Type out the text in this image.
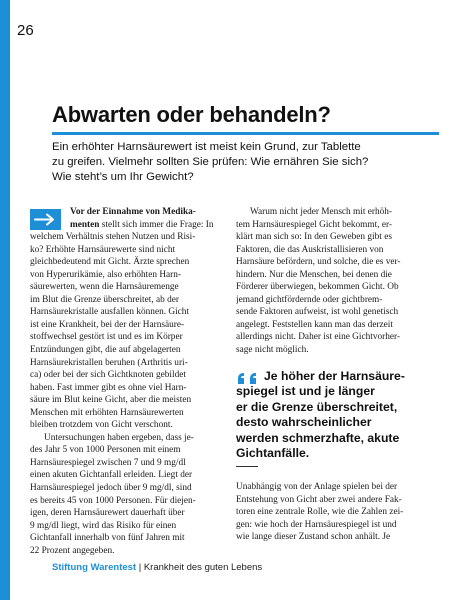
26
Abwarten oder behandeln?

Ein erhöhter Harnsäurewert ist meist kein Grund, zur Tablette
zu greifen. Vielmehr sollten Sie prüfen: Wie ernähren Sie sich?
Wie steht’s um Ihr Gewicht?

Vor der Einnahme von Medika-
menten stellt sich immer die Frage: In
welchem Verhältnis stehen Nutzen und Risi-
ko? Erhöhte Harnsäurewerte sind nicht
gleichbedeutend mit Gicht. Ärzte sprechen
von Hyperurikämie, also erhöhten Harn-
säurewerten, wenn die Harnsäuremenge
im Blut die Grenze überschreitet, ab der
Harnsäurekristalle ausfallen können. Gicht
ist eine Krankheit, bei der der Harnsäure-
stoffwechsel gestört ist und es im Körper
Entzündungen gibt, die auf abgelagerten
Harnsäurekristallen beruhen (Arthritis uri-
ca) oder bei der sich Gichtknoten gebildet
haben. Fast immer gibt es ohne viel Harn-
säure im Blut keine Gicht, aber die meisten
Menschen mit erhöhten Harnsäurewerten
bleiben trotzdem von Gicht verschont.
Untersuchungen haben ergeben, dass je-
des Jahr 5 von 1000 Personen mit einem
Harnsäurespiegel zwischen 7 und 9 mg/dl
einen akuten Gichtanfall erleiden. Liegt der
Harnsäurespiegel jedoch über 9 mg/dl, sind
es bereits 45 von 1000 Personen. Für diejen-
igen, deren Harnsäurewert dauerhaft über
9 mg/dl liegt, wird das Risiko für einen
Gichtanfall innerhalb von fünf Jahren mit
22 Prozent angegeben.
Warum nicht jeder Mensch mit erhöh-
tem Harnsäurespiegel Gicht bekommt, er-
klärt man sich so: In den Geweben gibt es
Faktoren, die das Auskristallisieren von
Harnsäure befördern, und solche, die es ver-
hindern. Nur die Menschen, bei denen die
Förderer überwiegen, bekommen Gicht. Ob
jemand gichtfördernde oder gichtbrem-
sende Faktoren aufweist, ist wohl genetisch
angelegt. Feststellen kann man das derzeit
allerdings nicht. Daher ist eine Gichtvorher-
sage nicht möglich.
Je höher der Harnsäure-
spiegel ist und je länger
er die Grenze überschreitet,
desto wahrscheinlicher
werden schmerzhafte, akute
Gichtanfälle.
Unabhängig von der Anlage spielen bei der
Entstehung von Gicht aber zwei andere Fak-
toren eine zentrale Rolle, wie die Zahlen zei-
gen: wie hoch der Harnsäurespiegel ist und
wie lange dieser Zustand schon anhält. Je
Stiftung Warentest | Krankheit des guten Lebens
